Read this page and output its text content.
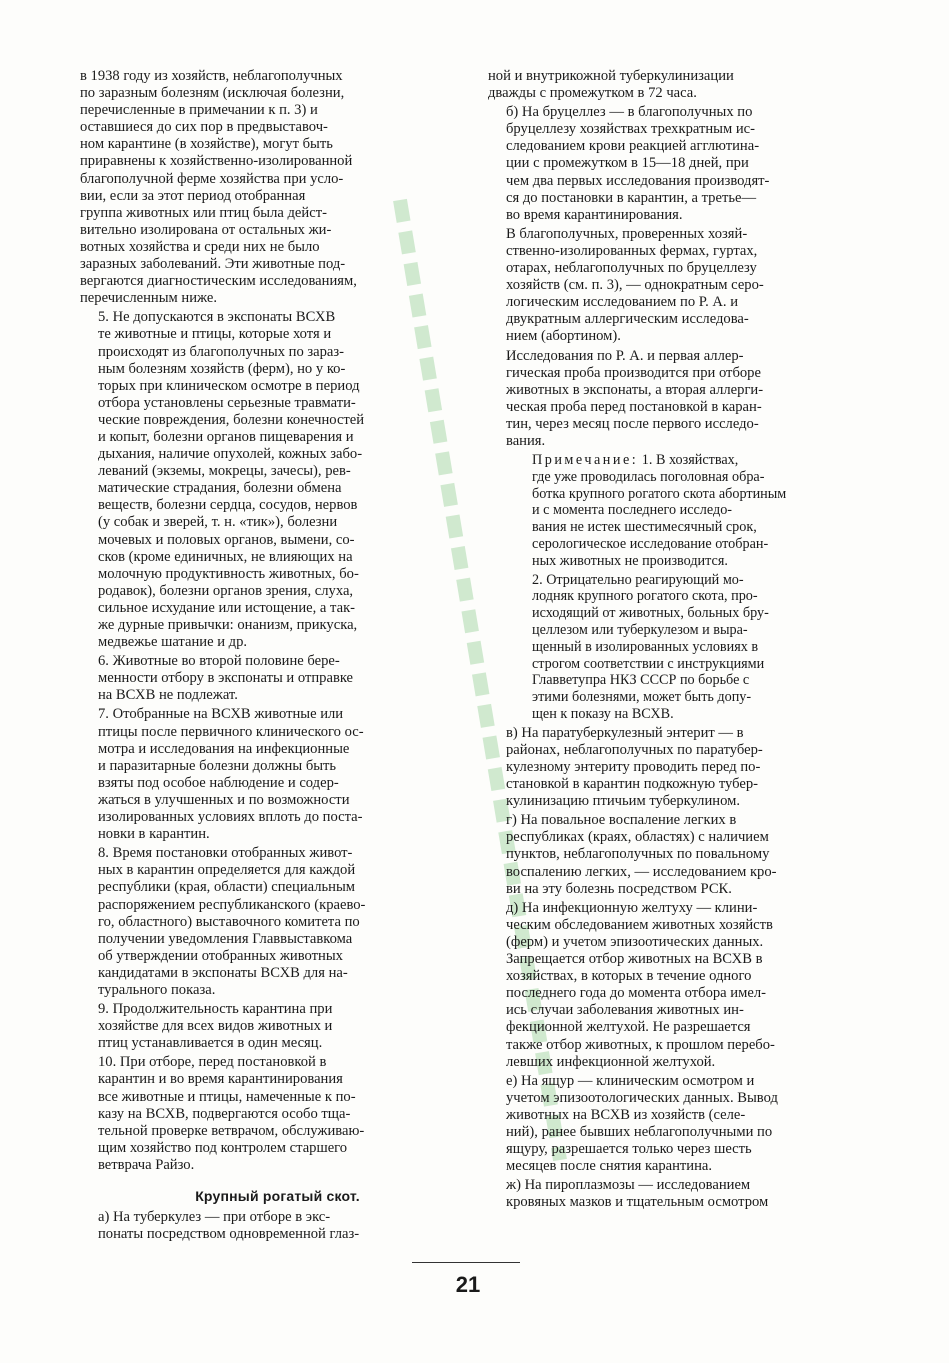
в 1938 году из хозяйств, неблагополучных
по заразным болезням (исключая болезни,
перечисленные в примечании к п. 3) и
оставшиеся до сих пор в предвыставоч-
ном карантине (в хозяйстве), могут быть
приравнены к хозяйственно-изолированной
благополучной ферме хозяйства при усло-
вии, если за этот период отобранная
группа животных или птиц была дейст-
вительно изолирована от остальных жи-
вотных хозяйства и среди них не было
заразных заболеваний. Эти животные под-
вергаются диагностическим исследованиям,
перечисленным ниже.
5. Не допускаются в экспонаты ВСХВ
те животные и птицы, которые хотя и
происходят из благополучных по зараз-
ным болезням хозяйств (ферм), но у ко-
торых при клиническом осмотре в период
отбора установлены серьезные травмати-
ческие повреждения, болезни конечностей
и копыт, болезни органов пищеварения и
дыхания, наличие опухолей, кожных забо-
леваний (экземы, мокрецы, зачесы), рев-
матические страдания, болезни обмена
веществ, болезни сердца, сосудов, нервов
(у собак и зверей, т. н. «тик»), болезни
мочевых и половых органов, вымени, со-
сков (кроме единичных, не влияющих на
молочную продуктивность животных, бо-
родавок), болезни органов зрения, слуха,
сильное исхудание или истощение, а так-
же дурные привычки: онанизм, прикуска,
медвежье шатание и др.
6. Животные во второй половине бере-
менности отбору в экспонаты и отправке
на ВСХВ не подлежат.
7. Отобранные на ВСХВ животные или
птицы после первичного клинического ос-
мотра и исследования на инфекционные
и паразитарные болезни должны быть
взяты под особое наблюдение и содер-
жаться в улучшенных и по возможности
изолированных условиях вплоть до поста-
новки в карантин.
8. Время постановки отобранных живот-
ных в карантин определяется для каждой
республики (края, области) специальным
распоряжением республиканского (краево-
го, областного) выставочного комитета по
получении уведомления Главвыставкома
об утверждении отобранных животных
кандидатами в экспонаты ВСХВ для на-
турального показа.
9. Продолжительность карантина при
хозяйстве для всех видов животных и
птиц устанавливается в один месяц.
10. При отборе, перед постановкой в
карантин и во время карантинирования
все животные и птицы, намеченные к по-
казу на ВСХВ, подвергаются особо тща-
тельной проверке ветврачом, обслуживаю-
щим хозяйство под контролем старшего
ветврача Райзо.
Крупный рогатый скот.
а) На туберкулез — при отборе в экс-
понаты посредством одновременной глаз-
ной и внутрикожной туберкулинизации
дважды с промежутком в 72 часа.
б) На бруцеллез — в благополучных по
бруцеллезу хозяйствах трехкратным ис-
следованием крови реакцией агглютина-
ции с промежутком в 15—18 дней, при
чем два первых исследования производят-
ся до постановки в карантин, а третье—
во время карантинирования.
В благополучных, проверенных хозяй-
ственно-изолированных фермах, гуртах,
отарах, неблагополучных по бруцеллезу
хозяйств (см. п. 3), — однократным серо-
логическим исследованием по Р. А. и
двукратным аллергическим исследова-
нием (абортином).
Исследования по Р. А. и первая аллер-
гическая проба производится при отборе
животных в экспонаты, а вторая аллерги-
ческая проба перед постановкой в каран-
тин, через месяц после первого исследо-
вания.
Примечание: 1. В хозяйствах,
где уже проводилась поголовная обра-
ботка крупного рогатого скота абортиным
и с момента последнего исследо-
вания не истек шестимесячный срок,
серологическое исследование отобран-
ных животных не производится.
2. Отрицательно реагирующий мо-
лодняк крупного рогатого скота, про-
исходящий от животных, больных бру-
целлезом или туберкулезом и выра-
щенный в изолированных условиях в
строгом соответствии с инструкциями
Главветупра НКЗ СССР по борьбе с
этими болезнями, может быть допу-
щен к показу на ВСХВ.
в) На паратуберкулезный энтерит — в
районах, неблагополучных по паратубер-
кулезному энтериту проводить перед по-
становкой в карантин подкожную тубер-
кулинизацию птичьим туберкулином.
г) На повальное воспаление легких в
республиках (краях, областях) с наличием
пунктов, неблагополучных по повальному
воспалению легких, — исследованием кро-
ви на эту болезнь посредством РСК.
д) На инфекционную желтуху — клини-
ческим обследованием животных хозяйств
(ферм) и учетом эпизоотических данных.
Запрещается отбор животных на ВСХВ в
хозяйствах, в которых в течение одного
последнего года до момента отбора имел-
ись случаи заболевания животных ин-
фекционной желтухой. Не разрешается
также отбор животных, к прошлом перебо-
левших инфекционной желтухой.
е) На ящур — клиническим осмотром и
учетом эпизоотологических данных. Вывод
животных на ВСХВ из хозяйств (селе-
ний), ранее бывших неблагополучными по
ящуру, разрешается только через шесть
месяцев после снятия карантина.
ж) На пироплазмозы — исследованием
кровяных мазков и тщательным осмотром
21
